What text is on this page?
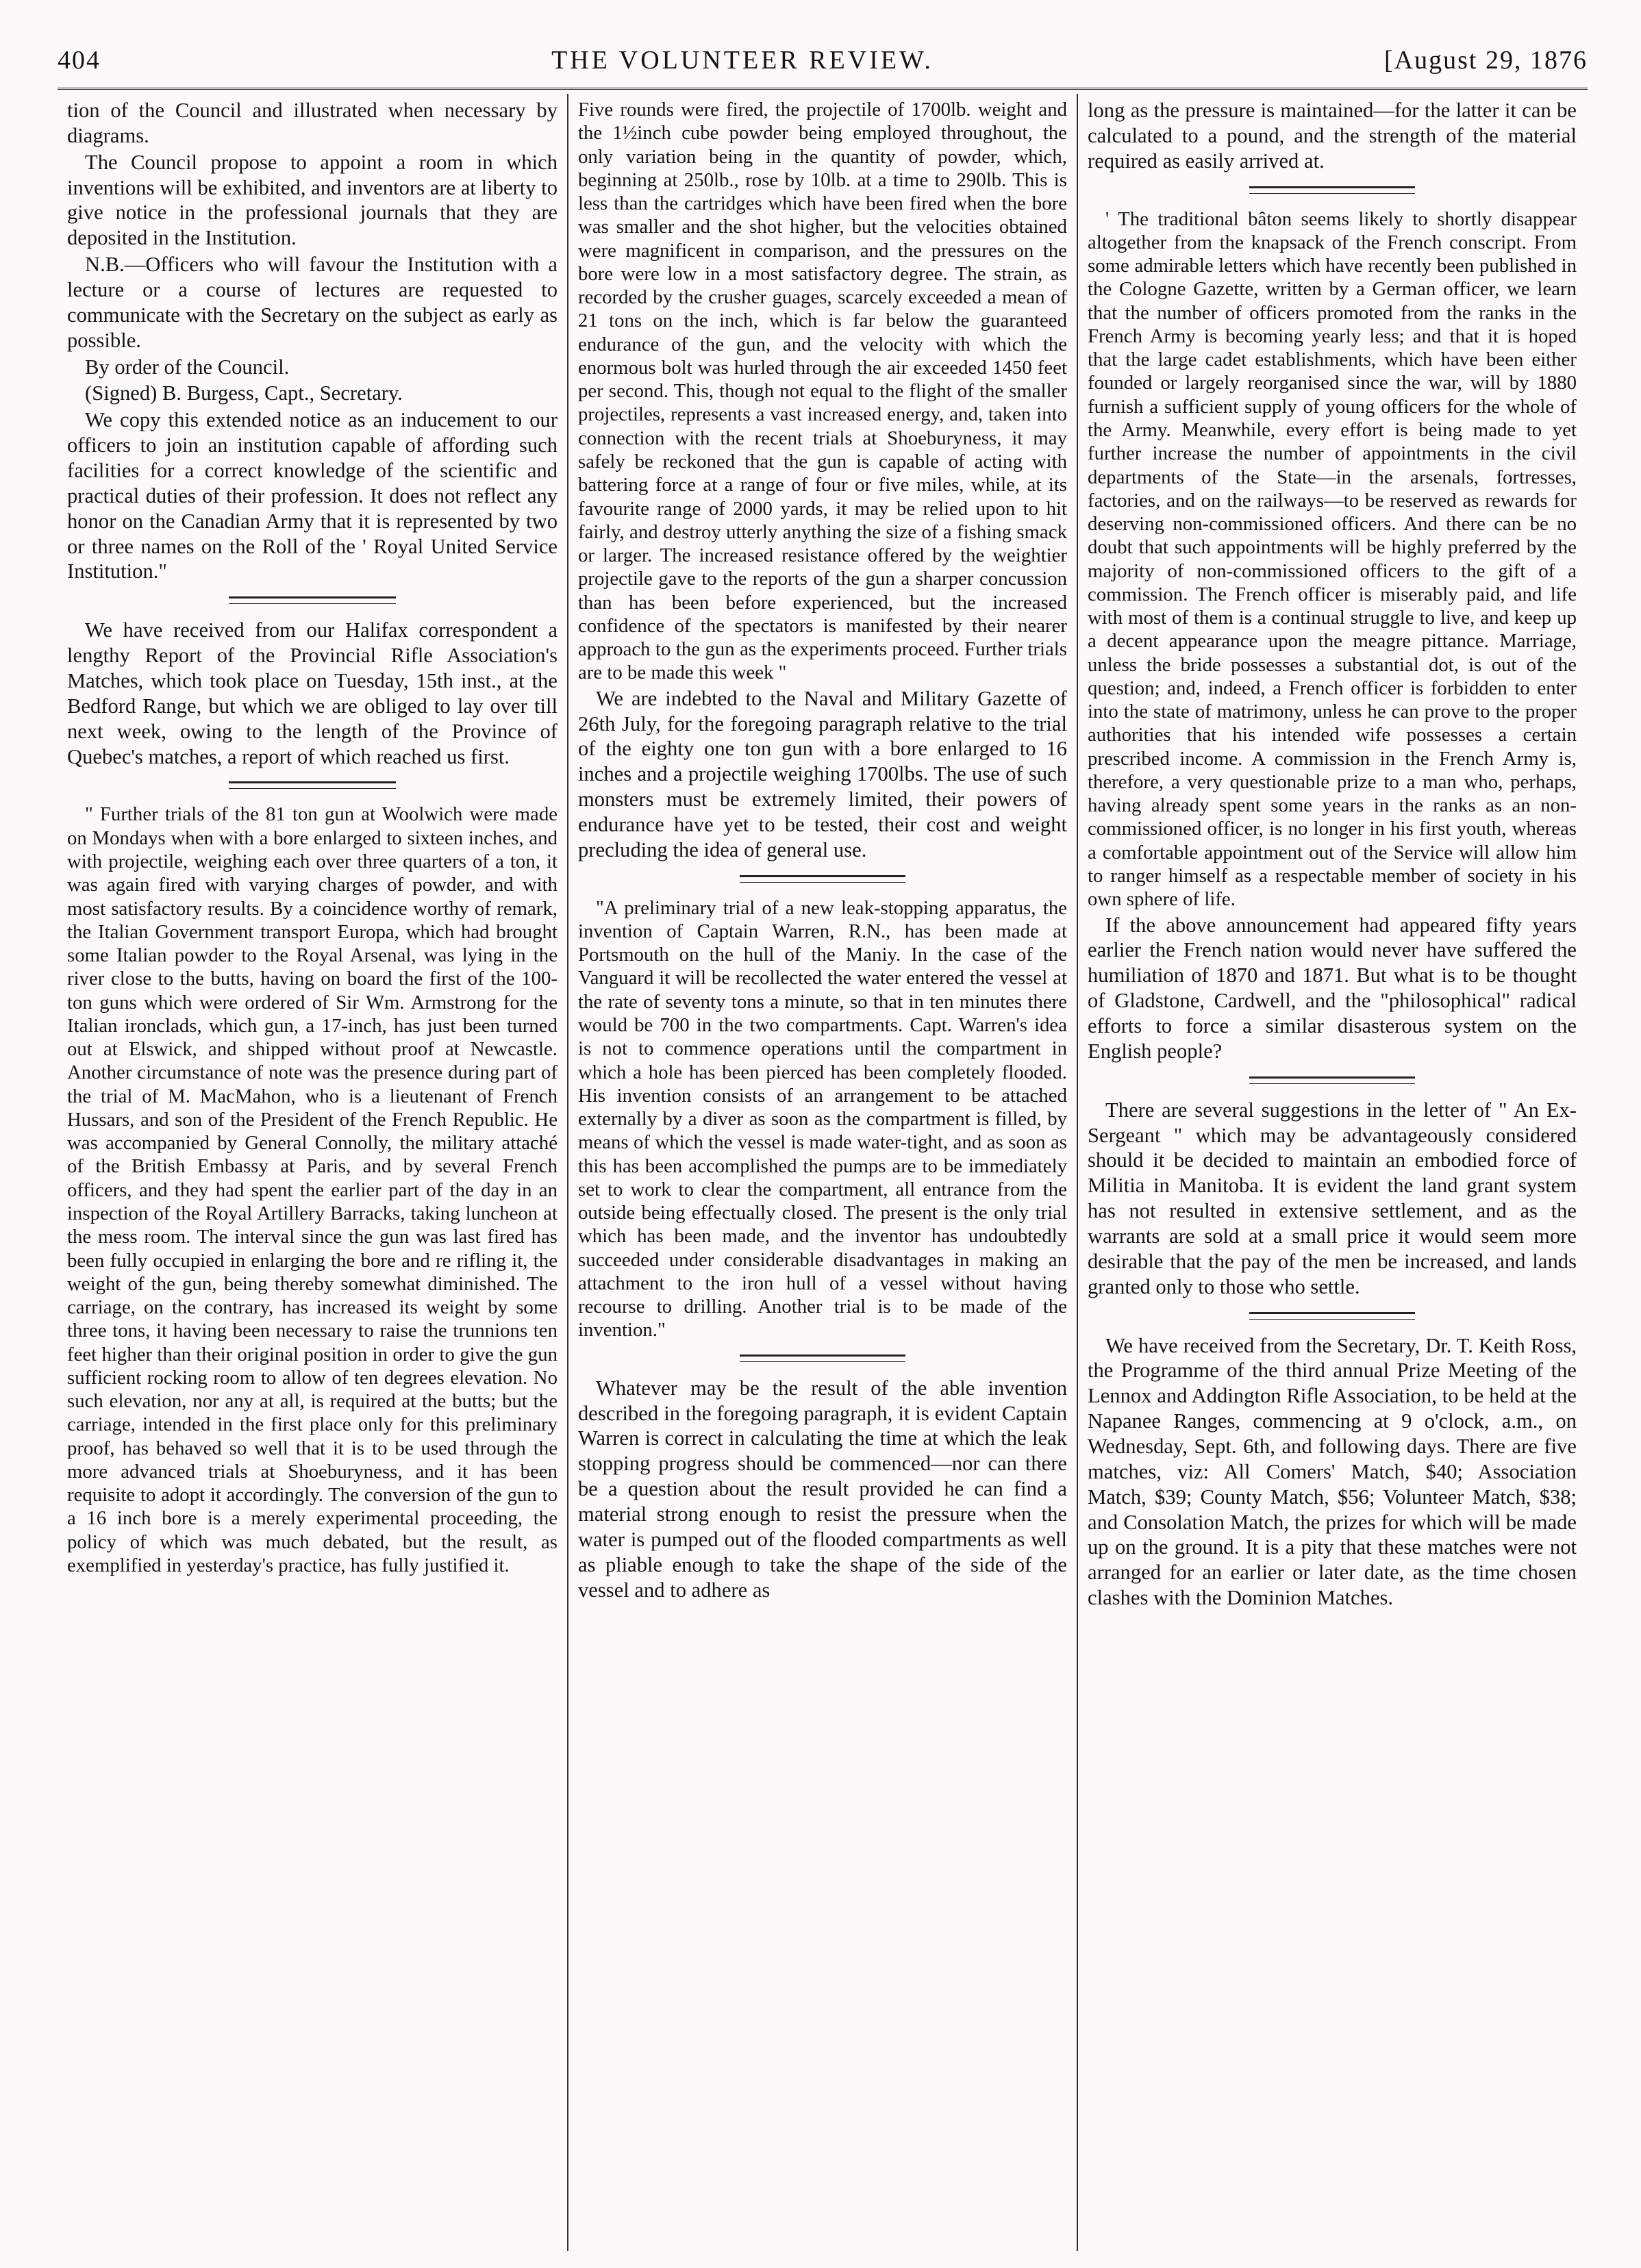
404	THE VOLUNTEER REVIEW.	[August 29, 1876

tion of the Council and illustrated when necessary by diagrams.

The Council propose to appoint a room in which inventions will be exhibited, and inventors are at liberty to give notice in the professional journals that they are deposited in the Institution.

N.B.—Officers who will favour the Institution with a lecture or a course of lectures are requested to communicate with the Secretary on the subject as early as possible.

By order of the Council.

(Signed) B. Burgess, Capt., Secretary.

We copy this extended notice as an inducement to our officers to join an institution capable of affording such facilities for a correct knowledge of the scientific and practical duties of their profession. It does not reflect any honor on the Canadian Army that it is represented by two or three names on the Roll of the ' Royal United Service Institution."

We have received from our Halifax correspondent a lengthy Report of the Provincial Rifle Association's Matches, which took place on Tuesday, 15th inst., at the Bedford Range, but which we are obliged to lay over till next week, owing to the length of the Province of Quebec's matches, a report of which reached us first.

" Further trials of the 81 ton gun at Woolwich were made on Mondays when with a bore enlarged to sixteen inches, and with projectile, weighing each over three quarters of a ton, it was again fired with varying charges of powder, and with most satisfactory results. By a coincidence worthy of remark, the Italian Government transport Europa, which had brought some Italian powder to the Royal Arsenal, was lying in the river close to the butts, having on board the first of the 100-ton guns which were ordered of Sir Wm. Armstrong for the Italian ironclads, which gun, a 17-inch, has just been turned out at Elswick, and shipped without proof at Newcastle. Another circumstance of note was the presence during part of the trial of M. MacMahon, who is a lieutenant of French Hussars, and son of the President of the French Republic. He was accompanied by General Connolly, the military attaché of the British Embassy at Paris, and by several French officers, and they had spent the earlier part of the day in an inspection of the Royal Artillery Barracks, taking luncheon at the mess room. The interval since the gun was last fired has been fully occupied in enlarging the bore and re rifling it, the weight of the gun, being thereby somewhat diminished. The carriage, on the contrary, has increased its weight by some three tons, it having been necessary to raise the trunnions ten feet higher than their original position in order to give the gun sufficient rocking room to allow of ten degrees elevation. No such elevation, nor any at all, is required at the butts; but the carriage, intended in the first place only for this preliminary proof, has behaved so well that it is to be used through the more advanced trials at Shoeburyness, and it has been requisite to adopt it accordingly. The conversion of the gun to a 16 inch bore is a merely experimental proceeding, the policy of which was much debated, but the result, as exemplified in yesterday's practice, has fully justified it.

Five rounds were fired, the projectile of 1700lb. weight and the 1½inch cube powder being employed throughout, the only variation being in the quantity of powder, which, beginning at 250lb., rose by 10lb. at a time to 290lb. This is less than the cartridges which have been fired when the bore was smaller and the shot higher, but the velocities obtained were magnificent in comparison, and the pressures on the bore were low in a most satisfactory degree. The strain, as recorded by the crusher guages, scarcely exceeded a mean of 21 tons on the inch, which is far below the guaranteed endurance of the gun, and the velocity with which the enormous bolt was hurled through the air exceeded 1450 feet per second. This, though not equal to the flight of the smaller projectiles, represents a vast increased energy, and, taken into connection with the recent trials at Shoeburyness, it may safely be reckoned that the gun is capable of acting with battering force at a range of four or five miles, while, at its favourite range of 2000 yards, it may be relied upon to hit fairly, and destroy utterly anything the size of a fishing smack or larger. The increased resistance offered by the weightier projectile gave to the reports of the gun a sharper concussion than has been before experienced, but the increased confidence of the spectators is manifested by their nearer approach to the gun as the experiments proceed. Further trials are to be made this week "

We are indebted to the Naval and Military Gazette of 26th July, for the foregoing paragraph relative to the trial of the eighty one ton gun with a bore enlarged to 16 inches and a projectile weighing 1700lbs. The use of such monsters must be extremely limited, their powers of endurance have yet to be tested, their cost and weight precluding the idea of general use.

"A preliminary trial of a new leak-stopping apparatus, the invention of Captain Warren, R.N., has been made at Portsmouth on the hull of the Maniy. In the case of the Vanguard it will be recollected the water entered the vessel at the rate of seventy tons a minute, so that in ten minutes there would be 700 in the two compartments. Capt. Warren's idea is not to commence operations until the compartment in which a hole has been pierced has been completely flooded. His invention consists of an arrangement to be attached externally by a diver as soon as the compartment is filled, by means of which the vessel is made water-tight, and as soon as this has been accomplished the pumps are to be immediately set to work to clear the compartment, all entrance from the outside being effectually closed. The present is the only trial which has been made, and the inventor has undoubtedly succeeded under considerable disadvantages in making an attachment to the iron hull of a vessel without having recourse to drilling. Another trial is to be made of the invention."

Whatever may be the result of the able invention described in the foregoing paragraph, it is evident Captain Warren is correct in calculating the time at which the leak stopping progress should be commenced—nor can there be a question about the result provided he can find a material strong enough to resist the pressure when the water is pumped out of the flooded compartments as well as pliable enough to take the shape of the side of the vessel and to adhere as

long as the pressure is maintained—for the latter it can be calculated to a pound, and the strength of the material required as easily arrived at.

' The traditional bâton seems likely to shortly disappear altogether from the knapsack of the French conscript. From some admirable letters which have recently been published in the Cologne Gazette, written by a German officer, we learn that the number of officers promoted from the ranks in the French Army is becoming yearly less; and that it is hoped that the large cadet establishments, which have been either founded or largely reorganised since the war, will by 1880 furnish a sufficient supply of young officers for the whole of the Army. Meanwhile, every effort is being made to yet further increase the number of appointments in the civil departments of the State—in the arsenals, fortresses, factories, and on the railways—to be reserved as rewards for deserving non-commissioned officers. And there can be no doubt that such appointments will be highly preferred by the majority of non-commissioned officers to the gift of a commission. The French officer is miserably paid, and life with most of them is a continual struggle to live, and keep up a decent appearance upon the meagre pittance. Marriage, unless the bride possesses a substantial dot, is out of the question; and, indeed, a French officer is forbidden to enter into the state of matrimony, unless he can prove to the proper authorities that his intended wife possesses a certain prescribed income. A commission in the French Army is, therefore, a very questionable prize to a man who, perhaps, having already spent some years in the ranks as an non-commissioned officer, is no longer in his first youth, whereas a comfortable appointment out of the Service will allow him to ranger himself as a respectable member of society in his own sphere of life.

If the above announcement had appeared fifty years earlier the French nation would never have suffered the humiliation of 1870 and 1871. But what is to be thought of Gladstone, Cardwell, and the "philosophical" radical efforts to force a similar disasterous system on the English people?

There are several suggestions in the letter of " An Ex-Sergeant " which may be advantageously considered should it be decided to maintain an embodied force of Militia in Manitoba. It is evident the land grant system has not resulted in extensive settlement, and as the warrants are sold at a small price it would seem more desirable that the pay of the men be increased, and lands granted only to those who settle.

We have received from the Secretary, Dr. T. Keith Ross, the Programme of the third annual Prize Meeting of the Lennox and Addington Rifle Association, to be held at the Napanee Ranges, commencing at 9 o'clock, a.m., on Wednesday, Sept. 6th, and following days. There are five matches, viz: All Comers' Match, $40; Association Match, $39; County Match, $56; Volunteer Match, $38; and Consolation Match, the prizes for which will be made up on the ground. It is a pity that these matches were not arranged for an earlier or later date, as the time chosen clashes with the Dominion Matches.
